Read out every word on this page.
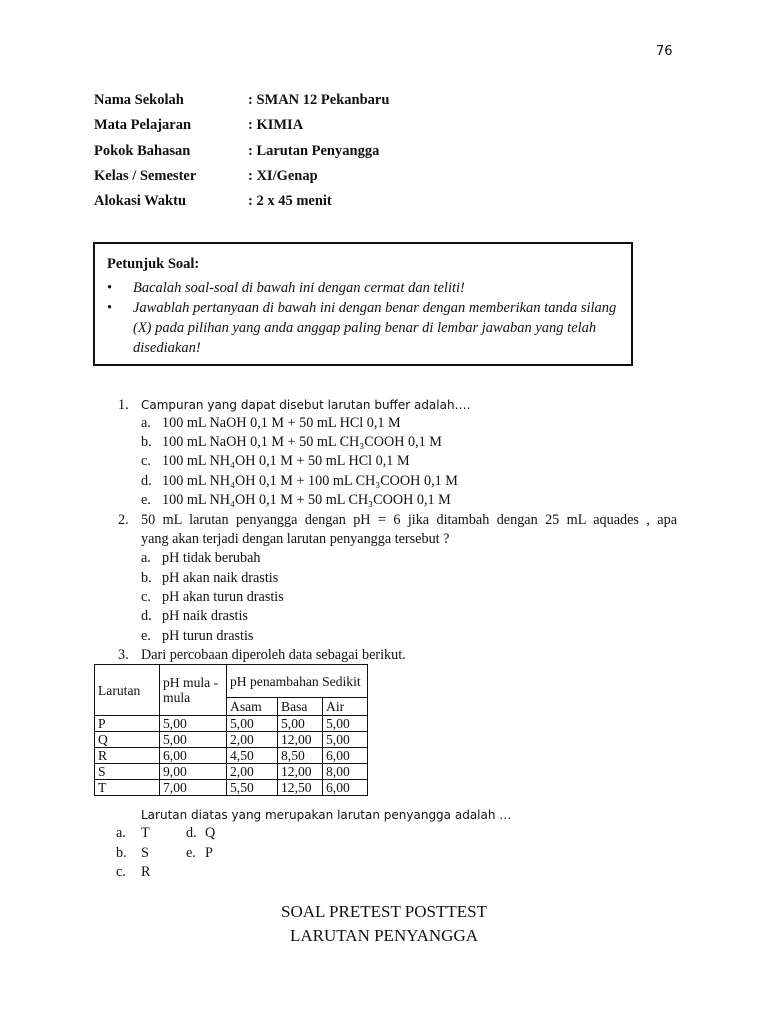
76
Nama Sekolah	: SMAN 12 Pekanbaru
Mata Pelajaran	: KIMIA
Pokok Bahasan	: Larutan Penyangga
Kelas / Semester	: XI/Genap
Alokasi Waktu	: 2 x 45 menit
Petunjuk Soal:
•	Bacalah soal-soal di bawah ini dengan cermat dan teliti!
•	Jawablah pertanyaan di bawah ini dengan benar dengan memberikan tanda silang (X) pada pilihan yang anda anggap paling benar di lembar jawaban yang telah disediakan!
1. Campuran yang dapat disebut larutan buffer adalah….
a. 100 mL NaOH 0,1 M + 50 mL HCl 0,1 M
b. 100 mL NaOH 0,1 M + 50 mL CH₃COOH 0,1 M
c. 100 mL NH₄OH 0,1 M + 50 mL HCl 0,1 M
d. 100 mL NH₄OH 0,1 M + 100 mL CH₃COOH 0,1 M
e. 100 mL NH₄OH 0,1 M + 50 mL CH₃COOH 0,1 M
2. 50 mL larutan penyangga dengan pH = 6 jika ditambah dengan 25 mL aquades , apa
yang akan terjadi dengan larutan penyangga tersebut ?
a. pH tidak berubah
b. pH akan naik drastis
c. pH akan turun drastis
d. pH naik drastis
e. pH turun drastis
3. Dari percobaan diperoleh data sebagai berikut.
Larutan	pH mula - mula	pH penambahan Sedikit		
		Asam	Basa	Air
P	5,00	5,00	5,00	5,00
Q	5,00	2,00	12,00	5,00
R	6,00	4,50	8,50	6,00
S	9,00	2,00	12,00	8,00
T	7,00	5,50	12,50	6,00
Larutan diatas yang merupakan larutan penyangga adalah …
a. T
b. S
c. R
d. Q
e. P
SOAL PRETEST POSTTEST
LARUTAN PENYANGGA
